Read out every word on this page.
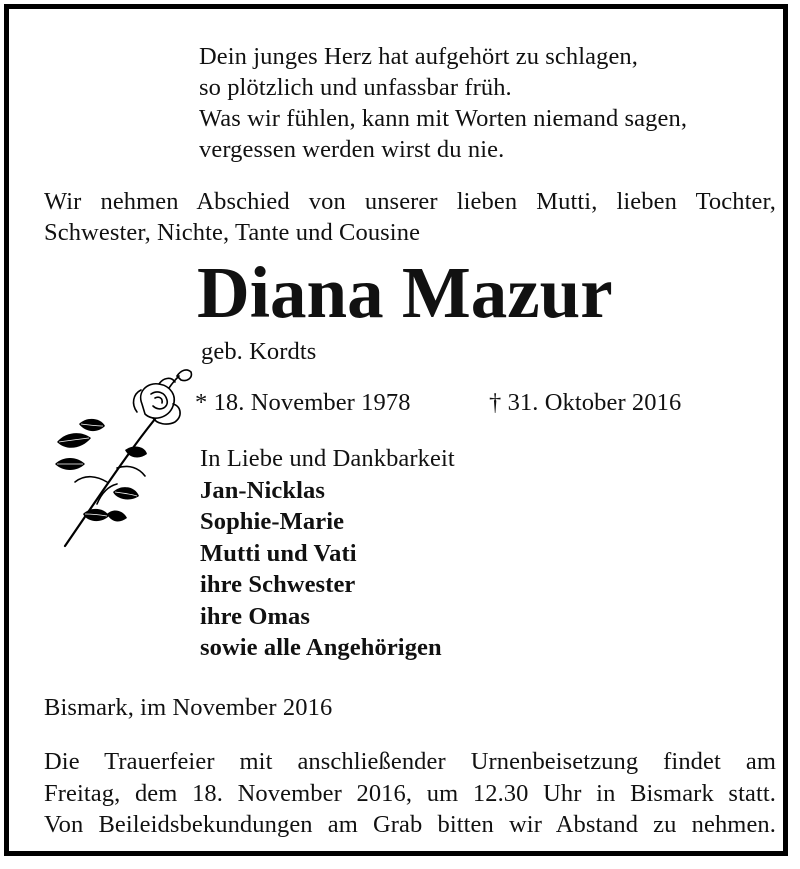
Dein junges Herz hat aufgehört zu schlagen,
so plötzlich und unfassbar früh.
Was wir fühlen, kann mit Worten niemand sagen,
vergessen werden wirst du nie.
Wir nehmen Abschied von unserer lieben Mutti, lieben Tochter,
Schwester, Nichte, Tante und Cousine
Diana Mazur
geb. Kordts
* 18. November 1978	† 31. Oktober 2016
In Liebe und Dankbarkeit
Jan-Nicklas
Sophie-Marie
Mutti und Vati
ihre Schwester
ihre Omas
sowie alle Angehörigen
Bismark, im November 2016
Die Trauerfeier mit anschließender Urnenbeisetzung findet am
Freitag, dem 18. November 2016, um 12.30 Uhr in Bismark statt.
Von Beileidsbekundungen am Grab bitten wir Abstand zu nehmen.
